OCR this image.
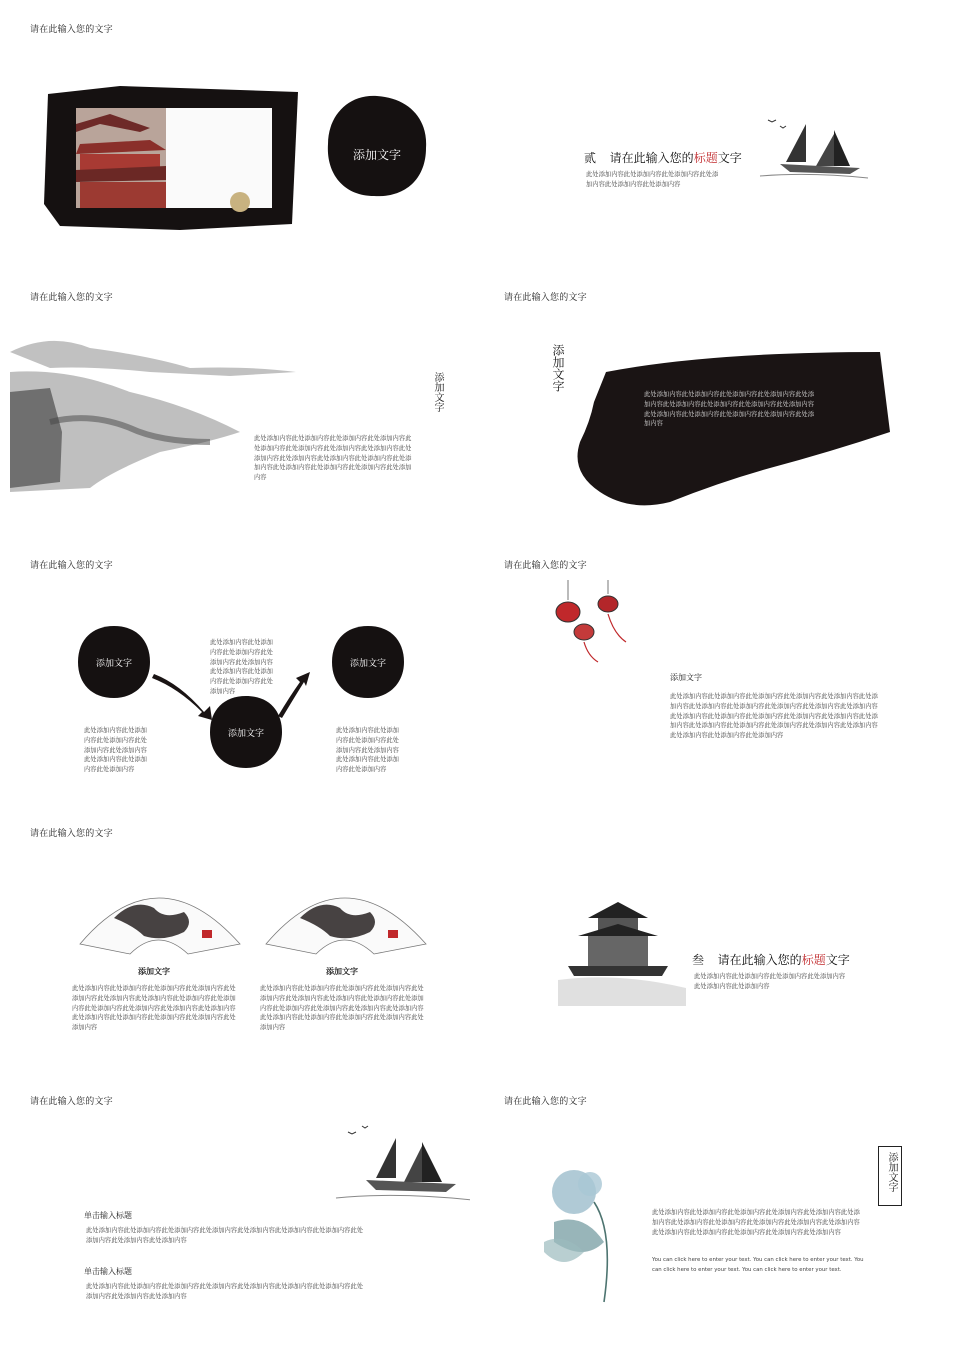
请在此输入您的文字
添加文字	贰 请在此输入您的标题文字
此处添加内容此处添加内容此处添加内容此处添加内容此处添加内容此处添加内容
请在此输入您的文字
添加文字
此处添加内容此处添加内容此处添加内容此处添加内容此处添加内容此处添加内容此处添加内容此处添加内容此处添加内容此处添加内容此处添加内容此处添加内容此处添加内容此处添加内容此处添加内容此处添加内容此处添加内容
请在此输入您的文字
添加文字
此处添加内容此处添加内容此处添加内容此处添加内容此处添加内容此处添加内容此处添加内容此处添加内容此处添加内容此处添加内容此处添加内容此处添加内容此处添加内容此处添加内容
请在此输入您的文字
添加文字
添加文字
添加文字
此处添加内容此处添加内容此处添加内容此处添加内容此处添加内容此处添加内容此处添加内容此处添加内容此处添加内容
此处添加内容此处添加内容此处添加内容此处添加内容此处添加内容此处添加内容此处添加内容此处添加内容
此处添加内容此处添加内容此处添加内容此处添加内容此处添加内容此处添加内容此处添加内容此处添加内容
请在此输入您的文字
添加文字
此处添加内容此处添加内容此处添加内容此处添加内容此处添加内容此处添加内容此处添加内容此处添加内容此处添加内容此处添加内容此处添加内容此处添加内容此处添加内容此处添加内容此处添加内容此处添加内容此处添加内容此处添加内容此处添加内容此处添加内容此处添加内容此处添加内容此处添加内容此处添加内容此处添加内容
请在此输入您的文字
添加文字	添加文字
此处添加内容此处添加内容此处添加内容此处添加内容此处添加内容此处添加内容此处添加内容此处添加内容此处添加内容此处添加内容此处添加内容此处添加内容此处添加内容此处添加内容此处添加内容此处添加内容此处添加内容此处添加内容
此处添加内容此处添加内容此处添加内容此处添加内容此处添加内容此处添加内容此处添加内容此处添加内容此处添加内容此处添加内容此处添加内容此处添加内容此处添加内容此处添加内容此处添加内容此处添加内容此处添加内容此处添加内容
叁 请在此输入您的标题文字
此处添加内容此处添加内容此处添加内容此处添加内容此处添加内容此处添加内容
请在此输入您的文字
单击输入标题
此处添加内容此处添加内容此处添加内容此处添加内容此处添加内容此处添加内容此处添加内容此处添加内容此处添加内容此处添加内容
单击输入标题
此处添加内容此处添加内容此处添加内容此处添加内容此处添加内容此处添加内容此处添加内容此处添加内容此处添加内容此处添加内容
请在此输入您的文字
添加文字
此处添加内容此处添加内容此处添加内容此处添加内容此处添加内容此处添加内容此处添加内容此处添加内容此处添加内容此处添加内容此处添加内容此处添加内容此处添加内容此处添加内容此处添加内容此处添加内容
You can click here to enter your text. You can click here to enter your text. You can click here to enter your text. You can click here to enter your text.
